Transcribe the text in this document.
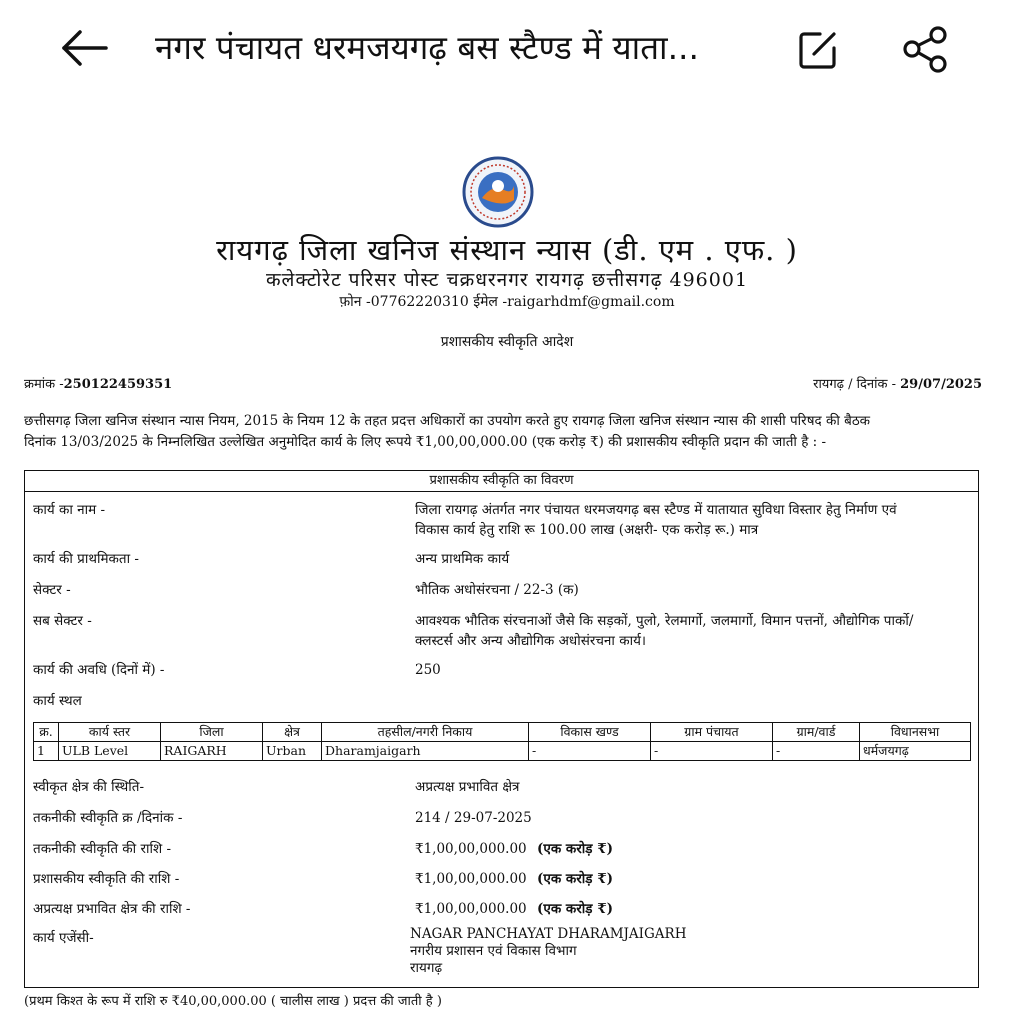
नगर पंचायत धरमजयगढ़ बस स्टैण्ड में याता...
रायगढ़ जिला खनिज संस्थान न्यास (डी. एम . एफ. )
कलेक्टोरेट परिसर पोस्ट चक्रधरनगर रायगढ़ छत्तीसगढ़ 496001
फ़ोन -07762220310 ईमेल -raigarhdmf@gmail.com
प्रशासकीय स्वीकृति आदेश
क्रमांक -250122459351	रायगढ़ / दिनांक - 29/07/2025
छत्तीसगढ़ जिला खनिज संस्थान न्यास नियम, 2015 के नियम 12 के तहत प्रदत्त अधिकारों का उपयोग करते हुए रायगढ़ जिला खनिज संस्थान न्यास की शासी परिषद की बैठक
दिनांक 13/03/2025 के निम्नलिखित उल्लेखित अनुमोदित कार्य के लिए रूपये ₹1,00,00,000.00 (एक करोड़ ₹) की प्रशासकीय स्वीकृति प्रदान की जाती है : -
प्रशासकीय स्वीकृति का विवरण
कार्य का नाम -	जिला रायगढ़ अंतर्गत नगर पंचायत धरमजयगढ़ बस स्टैण्ड में यातायात सुविधा विस्तार हेतु निर्माण एवं
विकास कार्य हेतु राशि रू 100.00 लाख (अक्षरी- एक करोड़ रू.) मात्र
कार्य की प्राथमिकता -	अन्य प्राथमिक कार्य
सेक्टर -	भौतिक अधोसंरचना / 22-3 (क)
सब सेक्टर -	आवश्यक भौतिक संरचनाओं जैसे कि सड़कों, पुलो, रेलमार्गो, जलमार्गो, विमान पत्तनों, औद्योगिक पार्को/
क्लस्टर्स और अन्य औद्योगिक अधोसंरचना कार्य।
कार्य की अवधि (दिनों में) -	250
कार्य स्थल
क्र.	कार्य स्तर	जिला	क्षेत्र	तहसील/नगरी निकाय	विकास खण्ड	ग्राम पंचायत	ग्राम/वार्ड	विधानसभा
1	ULB Level	RAIGARH	Urban	Dharamjaigarh	-	-	-	धर्मजयगढ़
स्वीकृत क्षेत्र की स्थिति-	अप्रत्यक्ष प्रभावित क्षेत्र
तकनीकी स्वीकृति क्र /दिनांक -	214 / 29-07-2025
तकनीकी स्वीकृति की राशि -	₹1,00,00,000.00 (एक करोड़ ₹)
प्रशासकीय स्वीकृति की राशि -	₹1,00,00,000.00 (एक करोड़ ₹)
अप्रत्यक्ष प्रभावित क्षेत्र की राशि -	₹1,00,00,000.00 (एक करोड़ ₹)
कार्य एजेंसी-	NAGAR PANCHAYAT DHARAMJAIGARH
नगरीय प्रशासन एवं विकास विभाग
रायगढ़
(प्रथम किश्त के रूप में राशि रु ₹40,00,000.00 ( चालीस लाख ) प्रदत्त की जाती है )
